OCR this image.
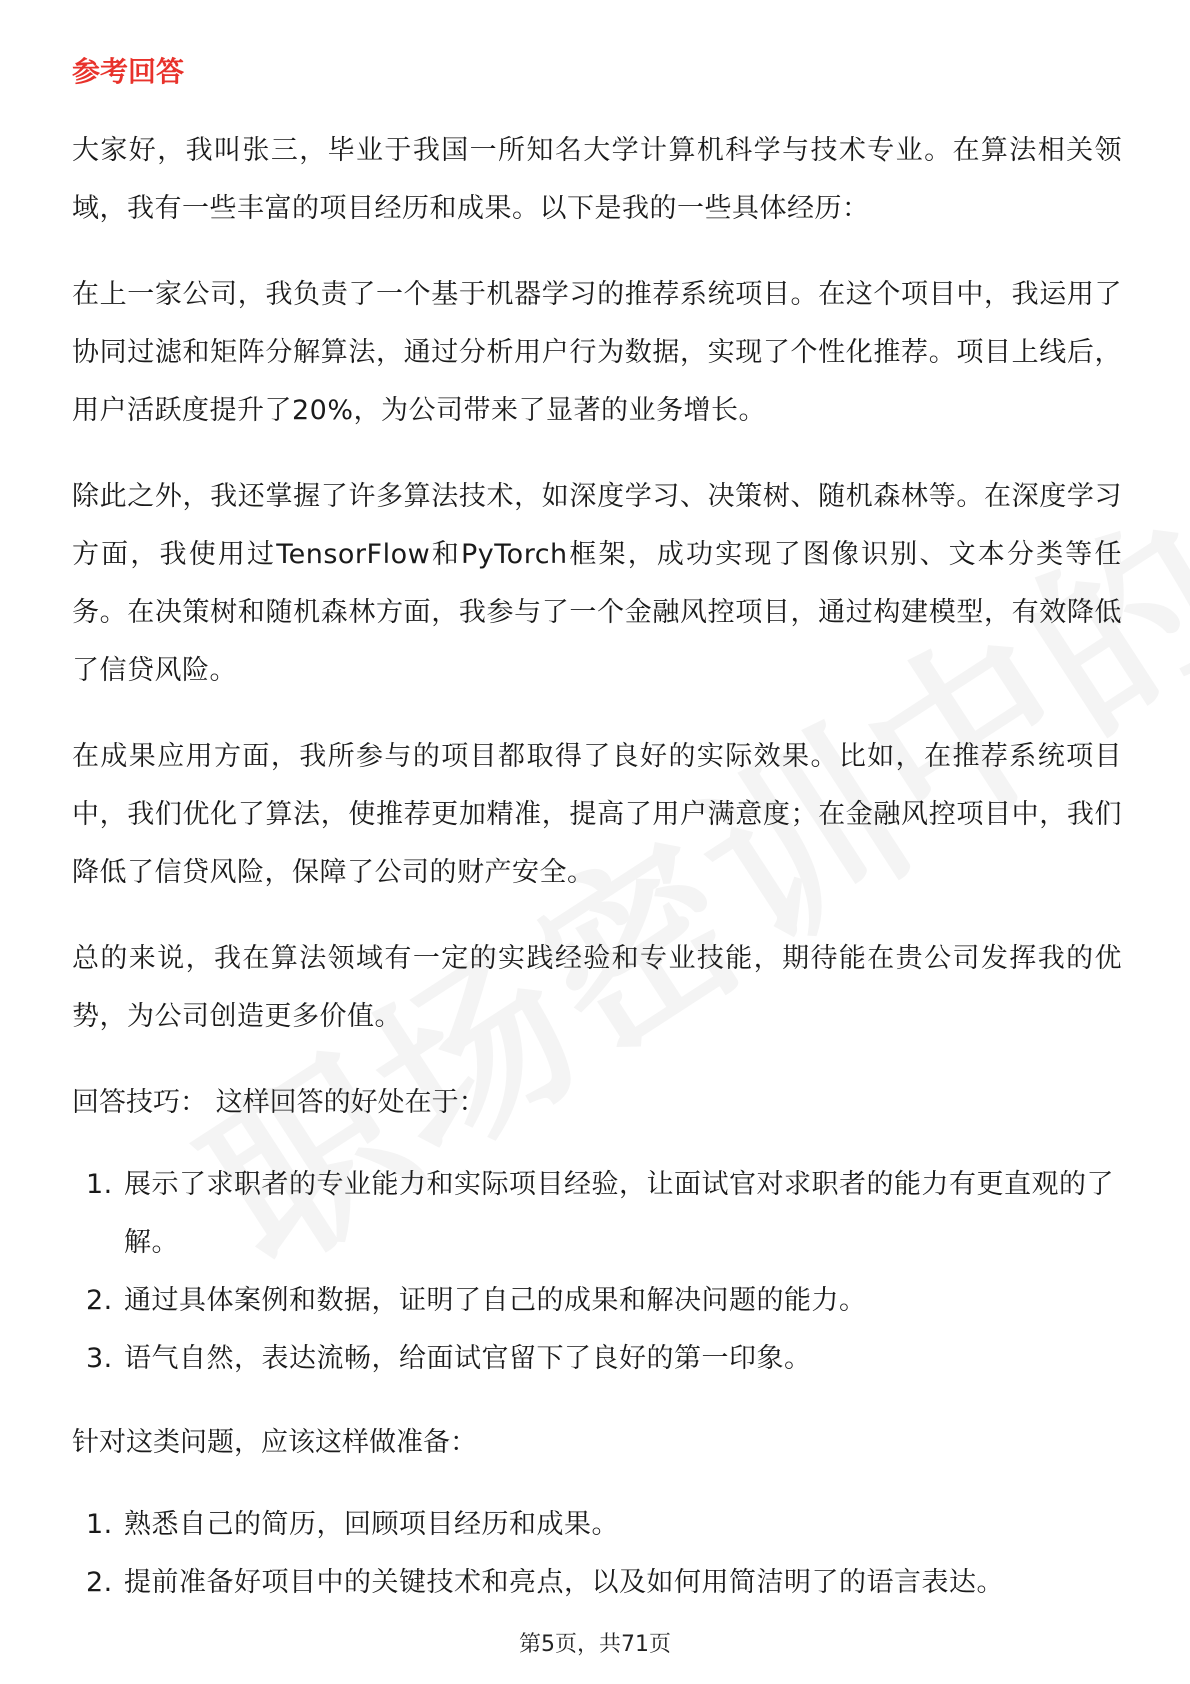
参考回答

大家好，我叫张三，毕业于我国一所知名大学计算机科学与技术专业。在算法相关领域，我有一些丰富的项目经历和成果。以下是我的一些具体经历：

在上一家公司，我负责了一个基于机器学习的推荐系统项目。在这个项目中，我运用了协同过滤和矩阵分解算法，通过分析用户行为数据，实现了个性化推荐。项目上线后，用户活跃度提升了20%，为公司带来了显著的业务增长。

除此之外，我还掌握了许多算法技术，如深度学习、决策树、随机森林等。在深度学习方面，我使用过TensorFlow和PyTorch框架，成功实现了图像识别、文本分类等任务。在决策树和随机森林方面，我参与了一个金融风控项目，通过构建模型，有效降低了信贷风险。

在成果应用方面，我所参与的项目都取得了良好的实际效果。比如，在推荐系统项目中，我们优化了算法，使推荐更加精准，提高了用户满意度；在金融风控项目中，我们降低了信贷风险，保障了公司的财产安全。

总的来说，我在算法领域有一定的实践经验和专业技能，期待能在贵公司发挥我的优势，为公司创造更多价值。

回答技巧： 这样回答的好处在于：
1. 展示了求职者的专业能力和实际项目经验，让面试官对求职者的能力有更直观的了解。
2. 通过具体案例和数据，证明了自己的成果和解决问题的能力。
3. 语气自然，表达流畅，给面试官留下了良好的第一印象。
针对这类问题，应该这样做准备：
1. 熟悉自己的简历，回顾项目经历和成果。
2. 提前准备好项目中的关键技术和亮点，以及如何用简洁明了的语言表达。
第5页，共71页
